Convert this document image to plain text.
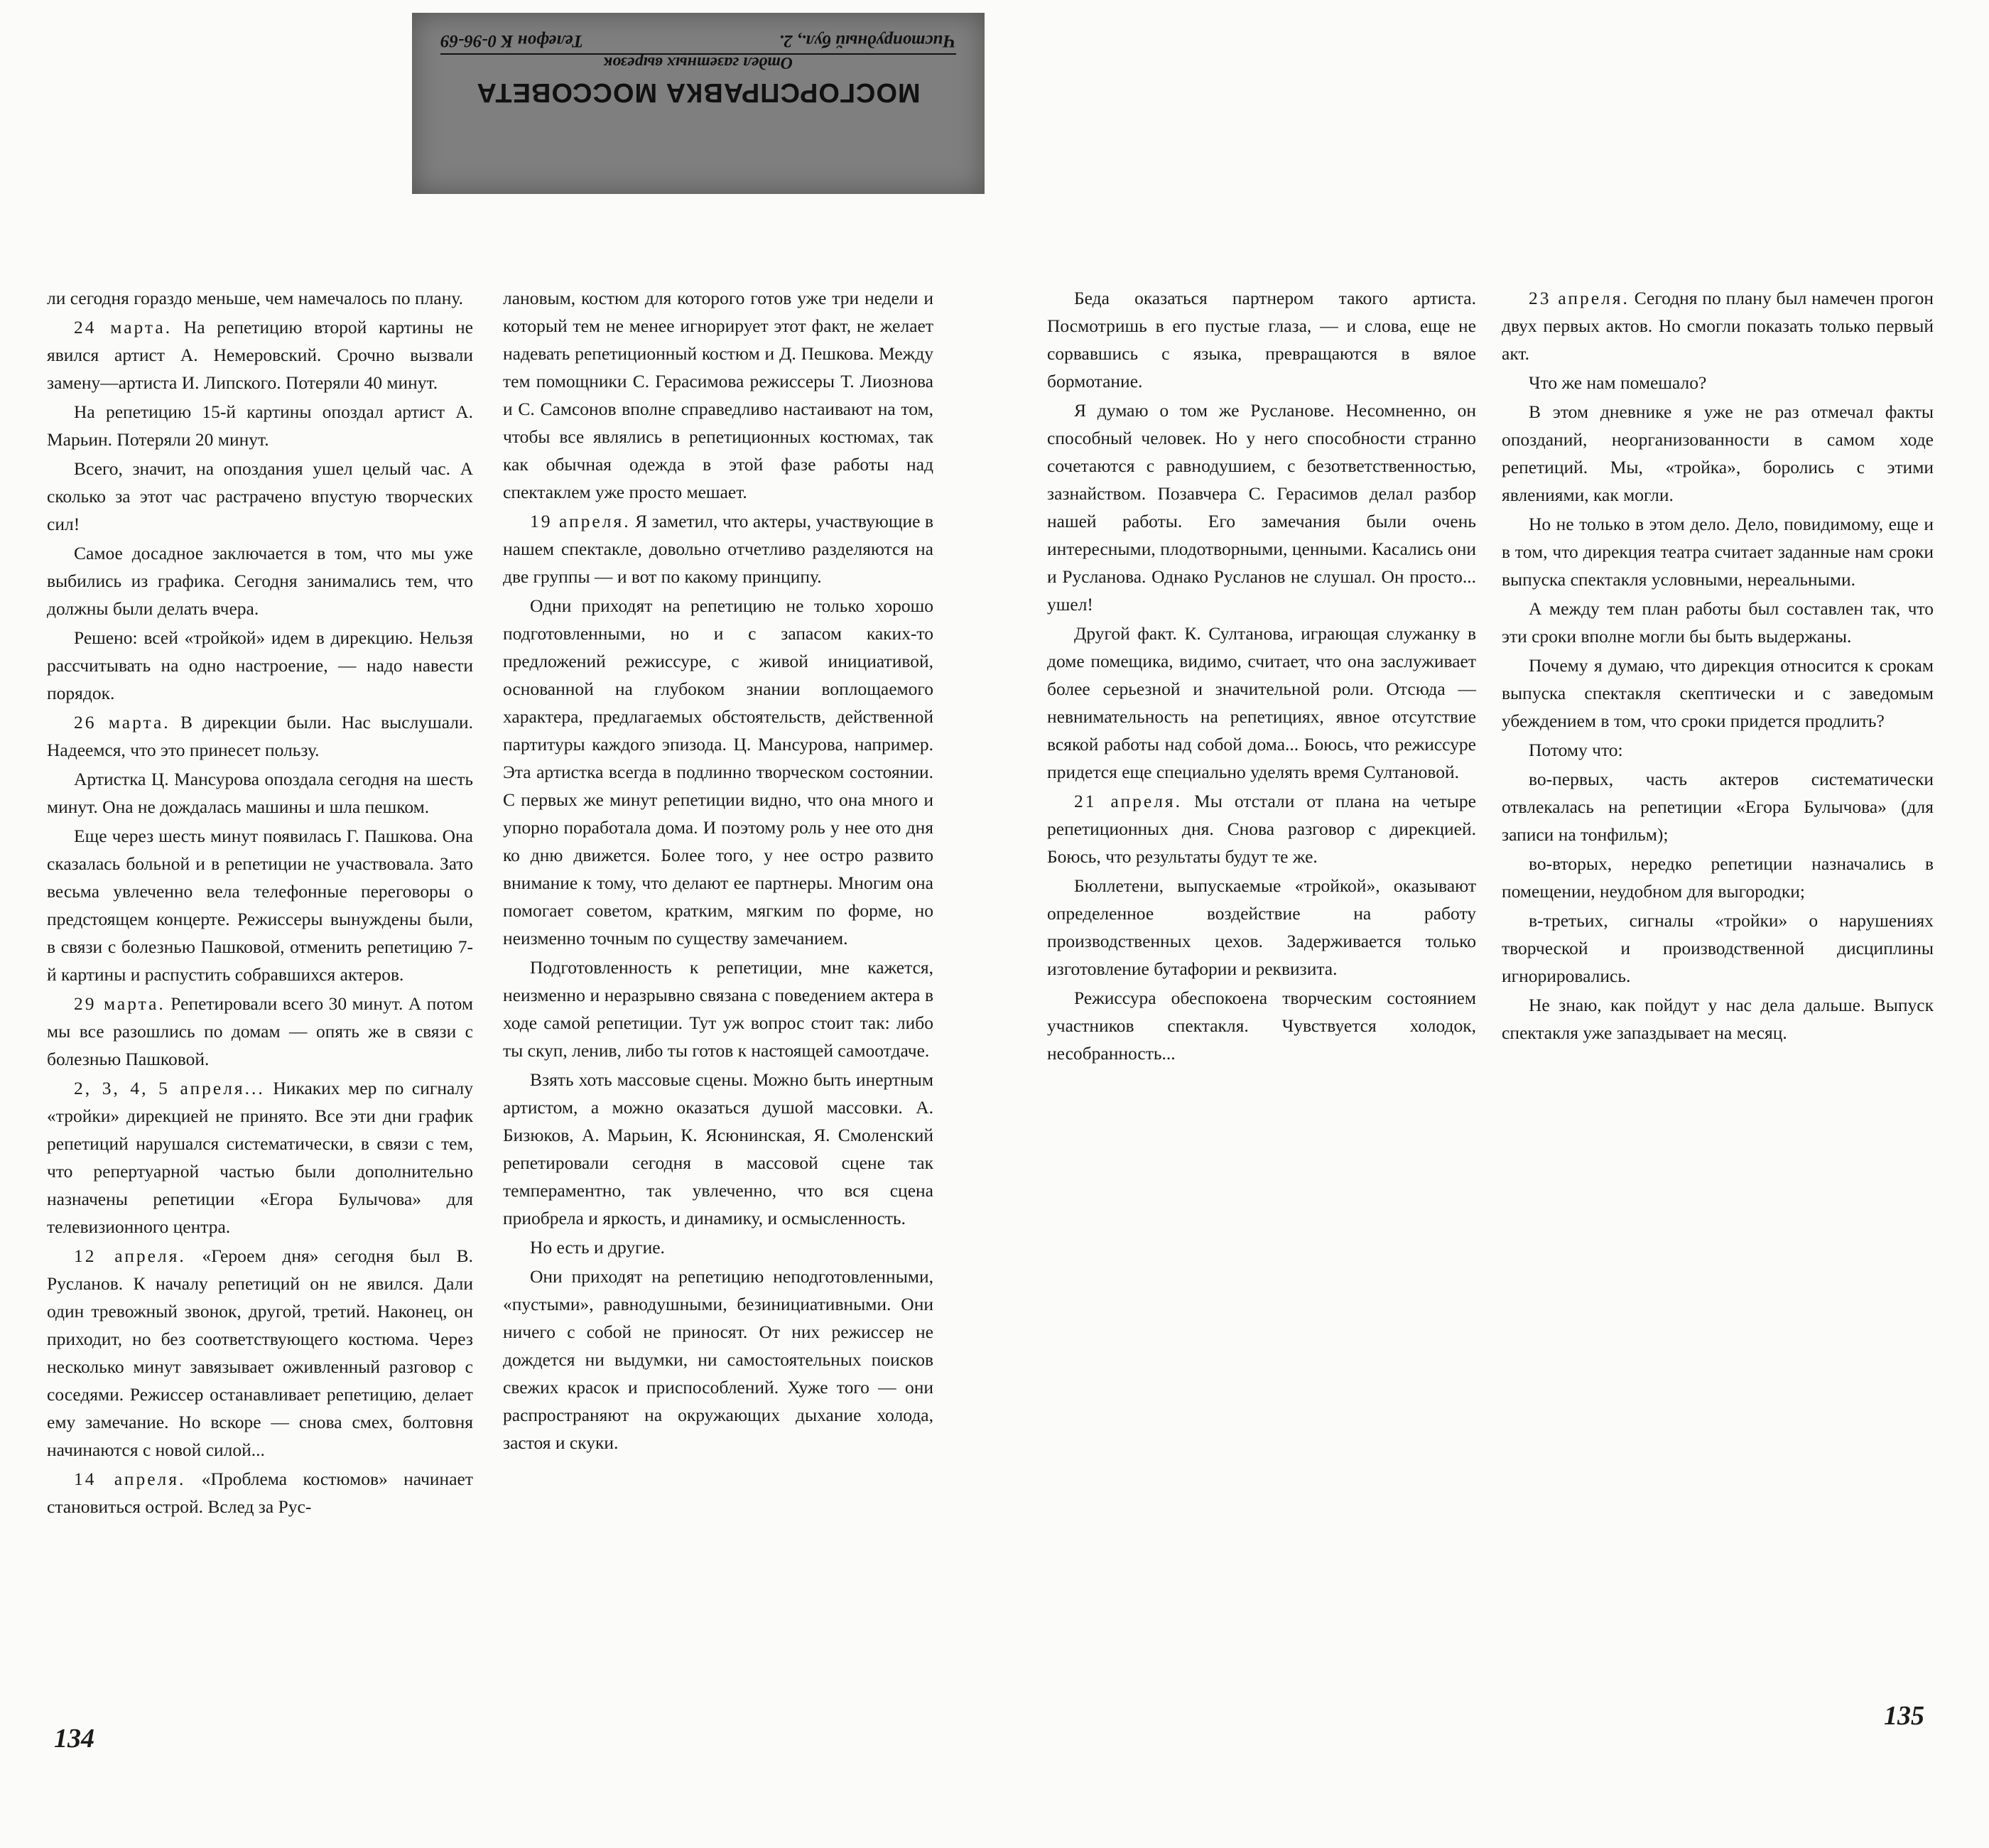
МОСГОРСПРАВКА МОССОВЕТА
Отдел газетных вырезок
Чистопрудный бул., 2.
Телефон К 0-96-69

ли сегодня гораздо меньше, чем намечалось по плану.

24 марта. На репетицию второй картины не явился артист А. Немеровский. Срочно вызвали замену—артиста И. Липского. Потеряли 40 минут.

На репетицию 15-й картины опоздал артист А. Марьин. Потеряли 20 минут.

Всего, значит, на опоздания ушел целый час. А сколько за этот час растрачено впустую творческих сил!

Самое досадное заключается в том, что мы уже выбились из графика. Сегодня занимались тем, что должны были делать вчера.

Решено: всей «тройкой» идем в дирекцию. Нельзя рассчитывать на одно настроение, — надо навести порядок.

26 марта. В дирекции были. Нас выслушали. Надеемся, что это принесет пользу.

Артистка Ц. Мансурова опоздала сегодня на шесть минут. Она не дождалась машины и шла пешком.

Еще через шесть минут появилась Г. Пашкова. Она сказалась больной и в репетиции не участвовала. Зато весьма увлеченно вела телефонные переговоры о предстоящем концерте. Режиссеры вынуждены были, в связи с болезнью Пашковой, отменить репетицию 7-й картины и распустить собравшихся актеров.

29 марта. Репетировали всего 30 минут. А потом мы все разошлись по домам — опять же в связи с болезнью Пашковой.

2, 3, 4, 5 апреля... Никаких мер по сигналу «тройки» дирекцией не принято. Все эти дни график репетиций нарушался систематически, в связи с тем, что репертуарной частью были дополнительно назначены репетиции «Егора Булычова» для телевизионного центра.

12 апреля. «Героем дня» сегодня был В. Русланов. К началу репетиций он не явился. Дали один тревожный звонок, другой, третий. Наконец, он приходит, но без соответствующего костюма. Через несколько минут завязывает оживленный разговор с соседями. Режиссер останавливает репетицию, делает ему замечание. Но вскоре — снова смех, болтовня начинаются с новой силой...

14 апреля. «Проблема костюмов» начинает становиться острой. Вслед за Рус-

лановым, костюм для которого готов уже три недели и который тем не менее игнорирует этот факт, не желает надевать репетиционный костюм и Д. Пешкова. Между тем помощники С. Герасимова режиссеры Т. Лиознова и С. Самсонов вполне справедливо настаивают на том, чтобы все являлись в репетиционных костюмах, так как обычная одежда в этой фазе работы над спектаклем уже просто мешает.

19 апреля. Я заметил, что актеры, участвующие в нашем спектакле, довольно отчетливо разделяются на две группы — и вот по какому принципу.

Одни приходят на репетицию не только хорошо подготовленными, но и с запасом каких-то предложений режиссуре, с живой инициативой, основанной на глубоком знании воплощаемого характера, предлагаемых обстоятельств, действенной партитуры каждого эпизода. Ц. Мансурова, например. Эта артистка всегда в подлинно творческом состоянии. С первых же минут репетиции видно, что она много и упорно поработала дома. И поэтому роль у нее ото дня ко дню движется. Более того, у нее остро развито внимание к тому, что делают ее партнеры. Многим она помогает советом, кратким, мягким по форме, но неизменно точным по существу замечанием.

Подготовленность к репетиции, мне кажется, неизменно и неразрывно связана с поведением актера в ходе самой репетиции. Тут уж вопрос стоит так: либо ты скуп, ленив, либо ты готов к настоящей самоотдаче.

Взять хоть массовые сцены. Можно быть инертным артистом, а можно оказаться душой массовки. А. Бизюков, А. Марьин, К. Ясюнинская, Я. Смоленский репетировали сегодня в массовой сцене так темпераментно, так увлеченно, что вся сцена приобрела и яркость, и динамику, и осмысленность.

Но есть и другие.

Они приходят на репетицию неподготовленными, «пустыми», равнодушными, безинициативными. Они ничего с собой не приносят. От них режиссер не дождется ни выдумки, ни самостоятельных поисков свежих красок и приспособлений. Хуже того — они распространяют на окружающих дыхание холода, застоя и скуки.

Беда оказаться партнером такого артиста. Посмотришь в его пустые глаза, — и слова, еще не сорвавшись с языка, превращаются в вялое бормотание.

Я думаю о том же Русланове. Несомненно, он способный человек. Но у него способности странно сочетаются с равнодушием, с безответственностью, зазнайством. Позавчера С. Герасимов делал разбор нашей работы. Его замечания были очень интересными, плодотворными, ценными. Касались они и Русланова. Однако Русланов не слушал. Он просто... ушел!

Другой факт. К. Султанова, играющая служанку в доме помещика, видимо, считает, что она заслуживает более серьезной и значительной роли. Отсюда — невнимательность на репетициях, явное отсутствие всякой работы над собой дома... Боюсь, что режиссуре придется еще специально уделять время Султановой.

21 апреля. Мы отстали от плана на четыре репетиционных дня. Снова разговор с дирекцией. Боюсь, что результаты будут те же.

Бюллетени, выпускаемые «тройкой», оказывают определенное воздействие на работу производственных цехов. Задерживается только изготовление бутафории и реквизита.

Режиссура обеспокоена творческим состоянием участников спектакля. Чувствуется холодок, несобранность...

23 апреля. Сегодня по плану был намечен прогон двух первых актов. Но смогли показать только первый акт.

Что же нам помешало?

В этом дневнике я уже не раз отмечал факты опозданий, неорганизованности в самом ходе репетиций. Мы, «тройка», боролись с этими явлениями, как могли.

Но не только в этом дело. Дело, повидимому, еще и в том, что дирекция театра считает заданные нам сроки выпуска спектакля условными, нереальными.

А между тем план работы был составлен так, что эти сроки вполне могли бы быть выдержаны.

Почему я думаю, что дирекция относится к срокам выпуска спектакля скептически и с заведомым убеждением в том, что сроки придется продлить?

Потому что:

во-первых, часть актеров систематически отвлекалась на репетиции «Егора Булычова» (для записи на тонфильм);

во-вторых, нередко репетиции назначались в помещении, неудобном для выгородки;

в-третьих, сигналы «тройки» о нарушениях творческой и производственной дисциплины игнорировались.

Не знаю, как пойдут у нас дела дальше. Выпуск спектакля уже запаздывает на месяц.

134
135
